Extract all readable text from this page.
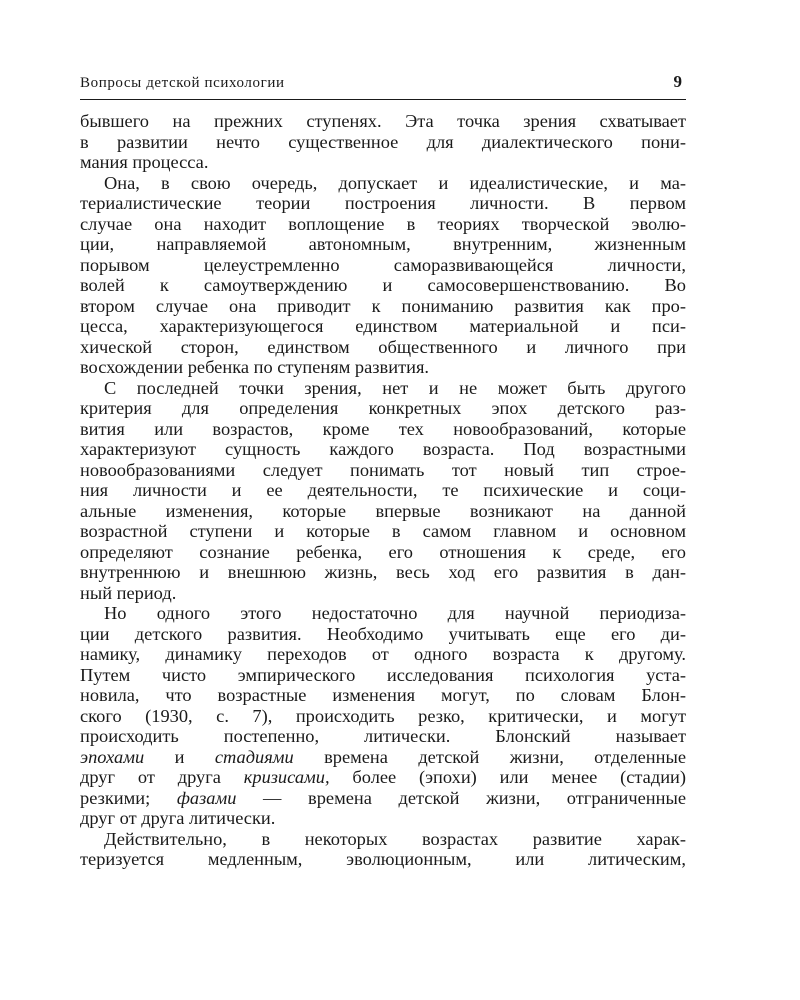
Вопросы детской психологии	9
бывшего на прежних ступенях. Эта точка зрения схватывает
в развитии нечто существенное для диалектического пони-
мания процесса.
Она, в свою очередь, допускает и идеалистические, и ма-
териалистические теории построения личности. В первом
случае она находит воплощение в теориях творческой эволю-
ции, направляемой автономным, внутренним, жизненным
порывом целеустремленно саморазвивающейся личности,
волей к самоутверждению и самосовершенствованию. Во
втором случае она приводит к пониманию развития как про-
цесса, характеризующегося единством материальной и пси-
хической сторон, единством общественного и личного при
восхождении ребенка по ступеням развития.
С последней точки зрения, нет и не может быть другого
критерия для определения конкретных эпох детского раз-
вития или возрастов, кроме тех новообразований, которые
характеризуют сущность каждого возраста. Под возрастными
новообразованиями следует понимать тот новый тип строе-
ния личности и ее деятельности, те психические и соци-
альные изменения, которые впервые возникают на данной
возрастной ступени и которые в самом главном и основном
определяют сознание ребенка, его отношения к среде, его
внутреннюю и внешнюю жизнь, весь ход его развития в дан-
ный период.
Но одного этого недостаточно для научной периодиза-
ции детского развития. Необходимо учитывать еще его ди-
намику, динамику переходов от одного возраста к другому.
Путем чисто эмпирического исследования психология уста-
новила, что возрастные изменения могут, по словам Блон-
ского (1930, с. 7), происходить резко, критически, и могут
происходить постепенно, литически. Блонский называет
эпохами и стадиями времена детской жизни, отделенные
друг от друга кризисами, более (эпохи) или менее (стадии)
резкими; фазами — времена детской жизни, отграниченные
друг от друга литически.
Действительно, в некоторых возрастах развитие харак-
теризуется медленным, эволюционным, или литическим,
